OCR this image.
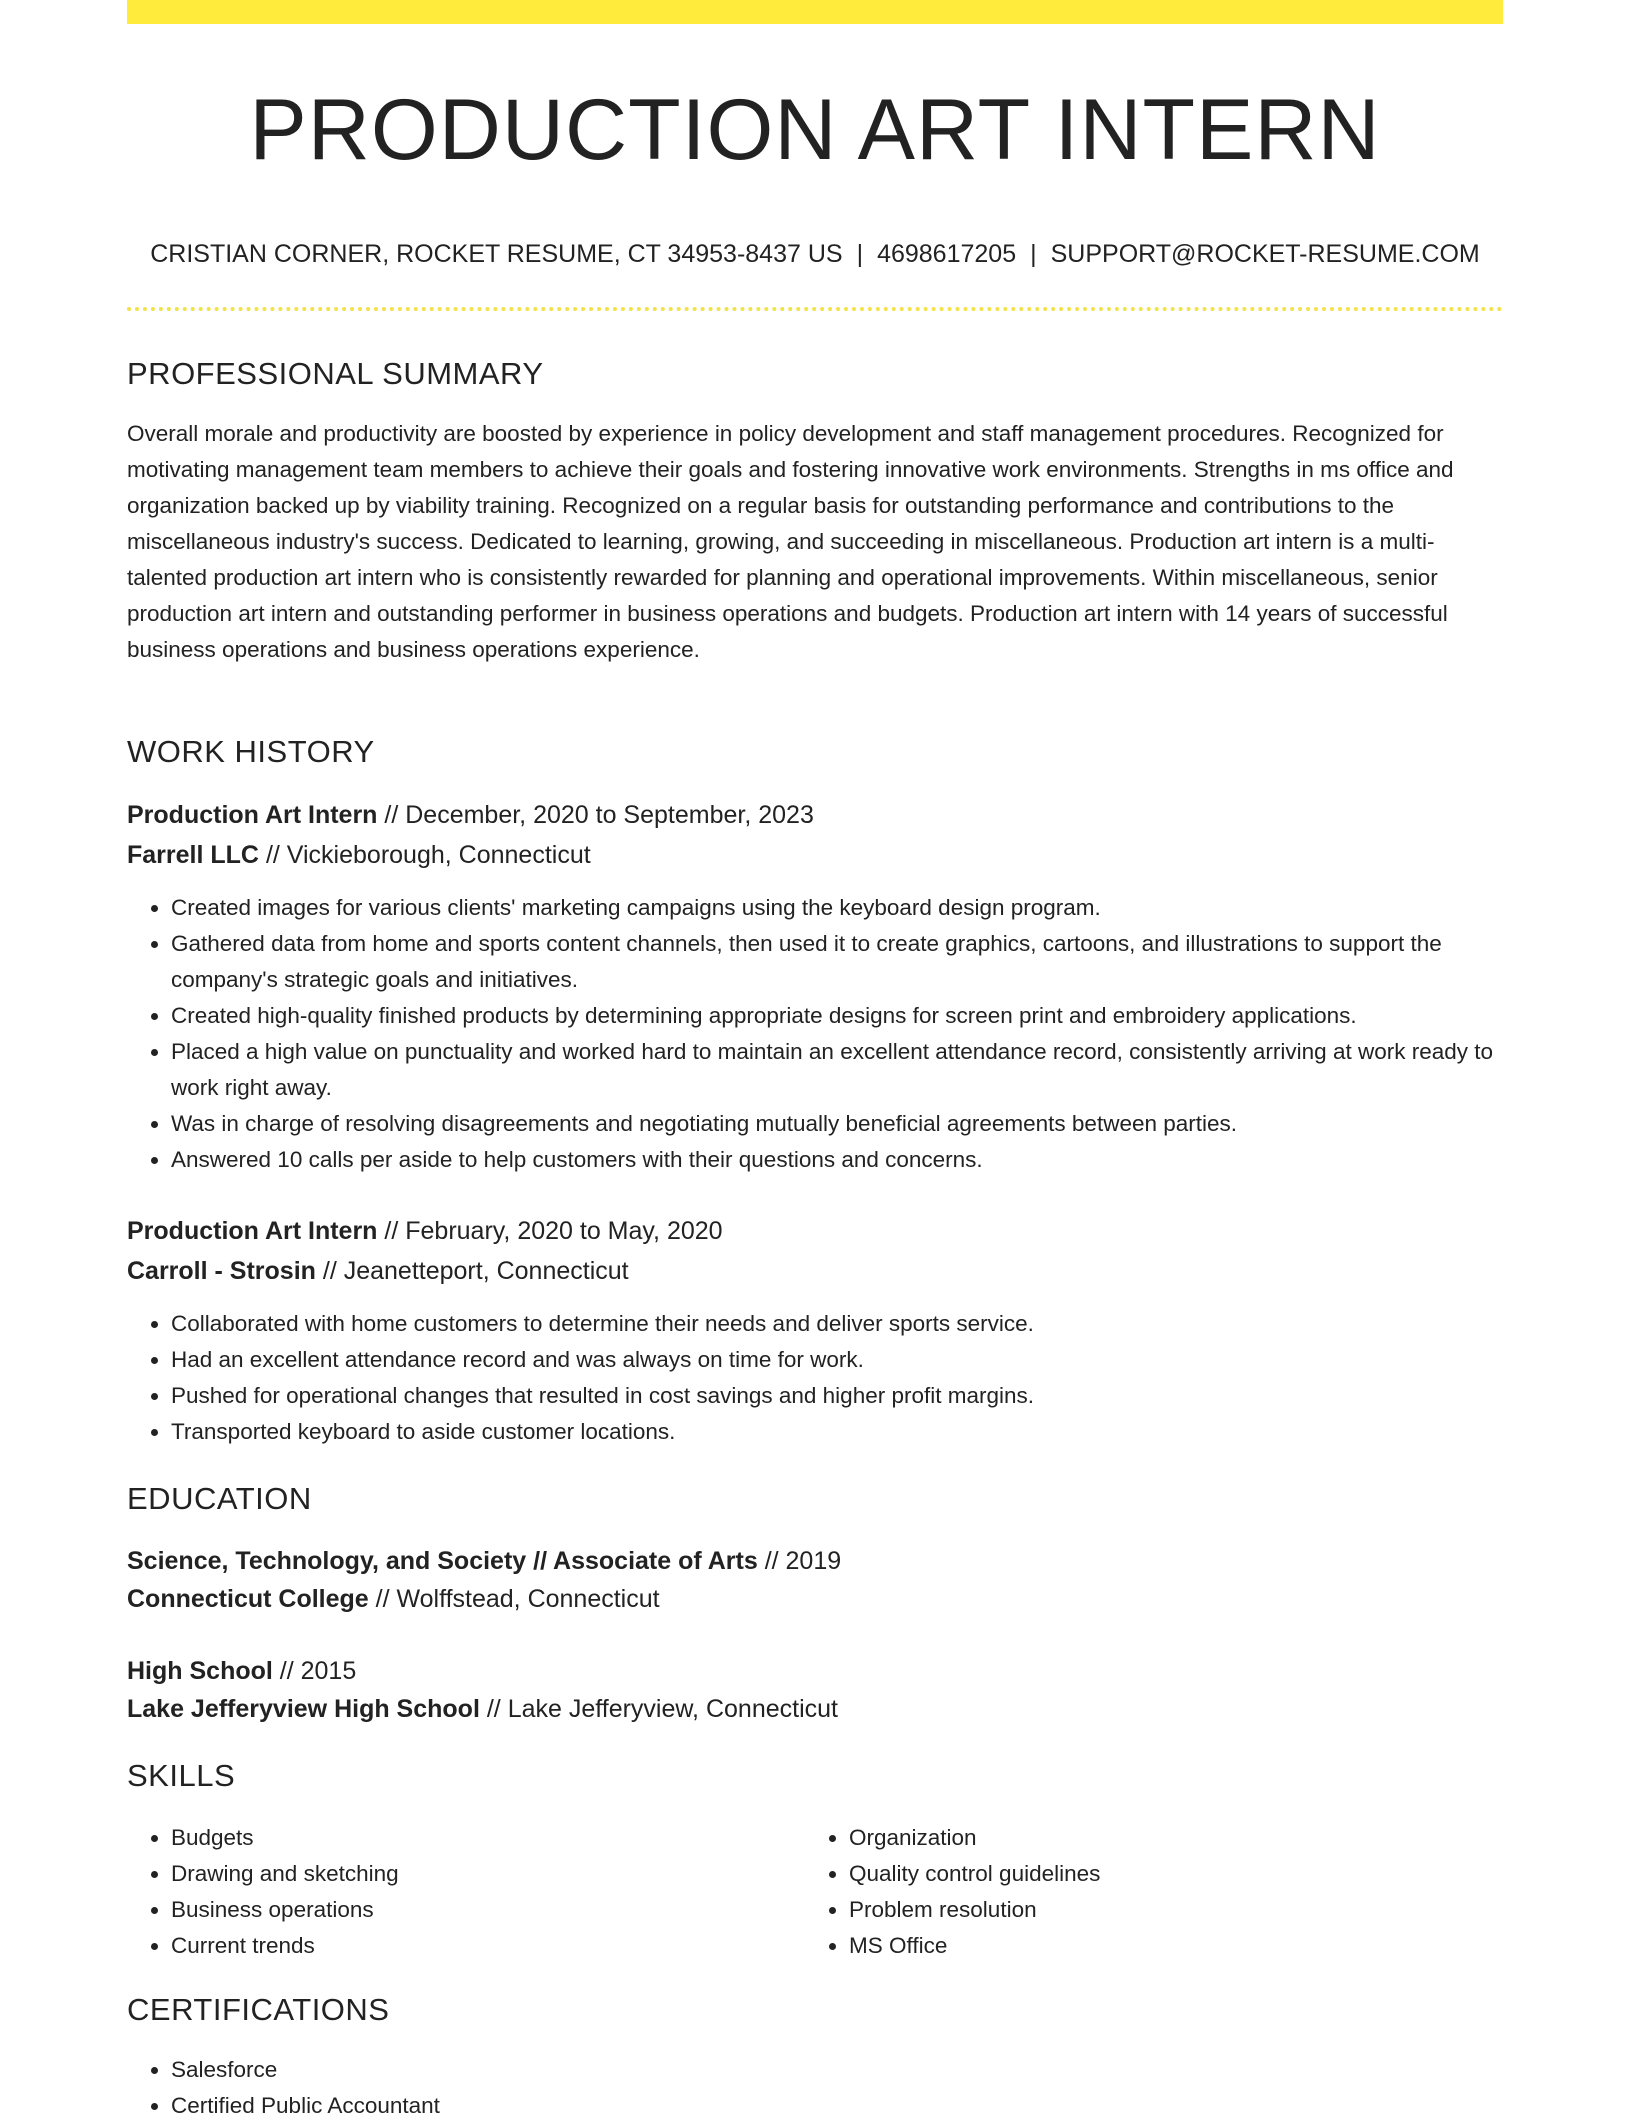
PRODUCTION ART INTERN
CRISTIAN CORNER, ROCKET RESUME, CT 34953-8437 US | 4698617205 | SUPPORT@ROCKET-RESUME.COM
PROFESSIONAL SUMMARY

Overall morale and productivity are boosted by experience in policy development and staff management procedures. Recognized for motivating management team members to achieve their goals and fostering innovative work environments. Strengths in ms office and organization backed up by viability training. Recognized on a regular basis for outstanding performance and contributions to the miscellaneous industry's success. Dedicated to learning, growing, and succeeding in miscellaneous. Production art intern is a multi-talented production art intern who is consistently rewarded for planning and operational improvements. Within miscellaneous, senior production art intern and outstanding performer in business operations and budgets. Production art intern with 14 years of successful business operations and business operations experience.

WORK HISTORY
Production Art Intern // December, 2020 to September, 2023
Farrell LLC // Vickieborough, Connecticut
• Created images for various clients' marketing campaigns using the keyboard design program.
• Gathered data from home and sports content channels, then used it to create graphics, cartoons, and illustrations to support the company's strategic goals and initiatives.
• Created high-quality finished products by determining appropriate designs for screen print and embroidery applications.
• Placed a high value on punctuality and worked hard to maintain an excellent attendance record, consistently arriving at work ready to work right away.
• Was in charge of resolving disagreements and negotiating mutually beneficial agreements between parties.
• Answered 10 calls per aside to help customers with their questions and concerns.
Production Art Intern // February, 2020 to May, 2020
Carroll - Strosin // Jeanetteport, Connecticut
• Collaborated with home customers to determine their needs and deliver sports service.
• Had an excellent attendance record and was always on time for work.
• Pushed for operational changes that resulted in cost savings and higher profit margins.
• Transported keyboard to aside customer locations.
EDUCATION
Science, Technology, and Society // Associate of Arts // 2019
Connecticut College // Wolffstead, Connecticut
High School // 2015
Lake Jefferyview High School // Lake Jefferyview, Connecticut
SKILLS
• Budgets
• Drawing and sketching
• Business operations
• Current trends
• Organization
• Quality control guidelines
• Problem resolution
• MS Office
CERTIFICATIONS
• Salesforce
• Certified Public Accountant
